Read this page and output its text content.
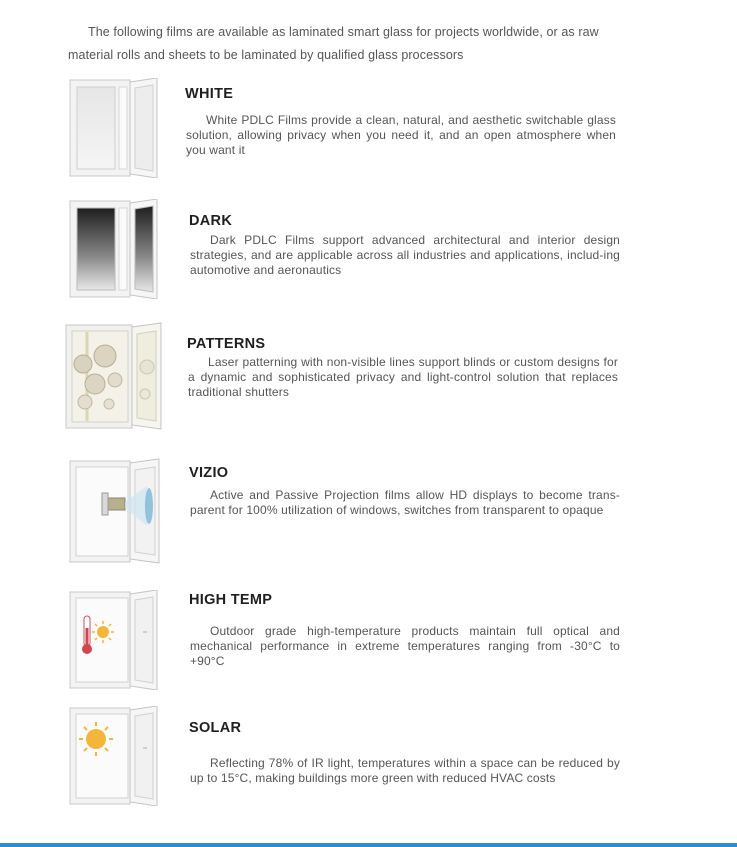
The following films are available as laminated smart glass for projects worldwide, or as raw material rolls and sheets to be laminated by qualified glass processors

WHITE
White PDLC Films provide a clean, natural, and aesthetic switchable glass solution, allowing privacy when you need it, and an open atmosphere when you want it
DARK
Dark PDLC Films support advanced architectural and interior design strategies, and are applicable across all industries and applications, includ-ing automotive and aeronautics
PATTERNS
Laser patterning with non-visible lines support blinds or custom designs for a dynamic and sophisticated privacy and light-control solution that replaces traditional shutters
VIZIO
Active and Passive Projection films allow HD displays to become trans-parent for 100% utilization of windows, switches from transparent to opaque
HIGH TEMP
Outdoor grade high-temperature products maintain full optical and mechanical performance in extreme temperatures ranging from -30°C to +90°C
SOLAR
Reflecting 78% of IR light, temperatures within a space can be reduced by up to 15°C, making buildings more green with reduced HVAC costs
